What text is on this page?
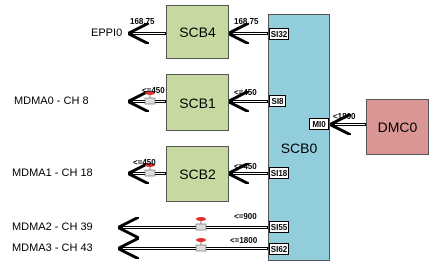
SCB4
SCB1
SCB2
SCB0
DMC0
SI32
SI8
SI18
SI55
SI62
MI0
EPPI0
MDMA0 - CH 8
MDMA1 - CH 18
MDMA2 - CH 39
MDMA3 - CH 43
168.75	168.75
<=450	<=450
<=450	<=450
<=900
<=1800
<1800
